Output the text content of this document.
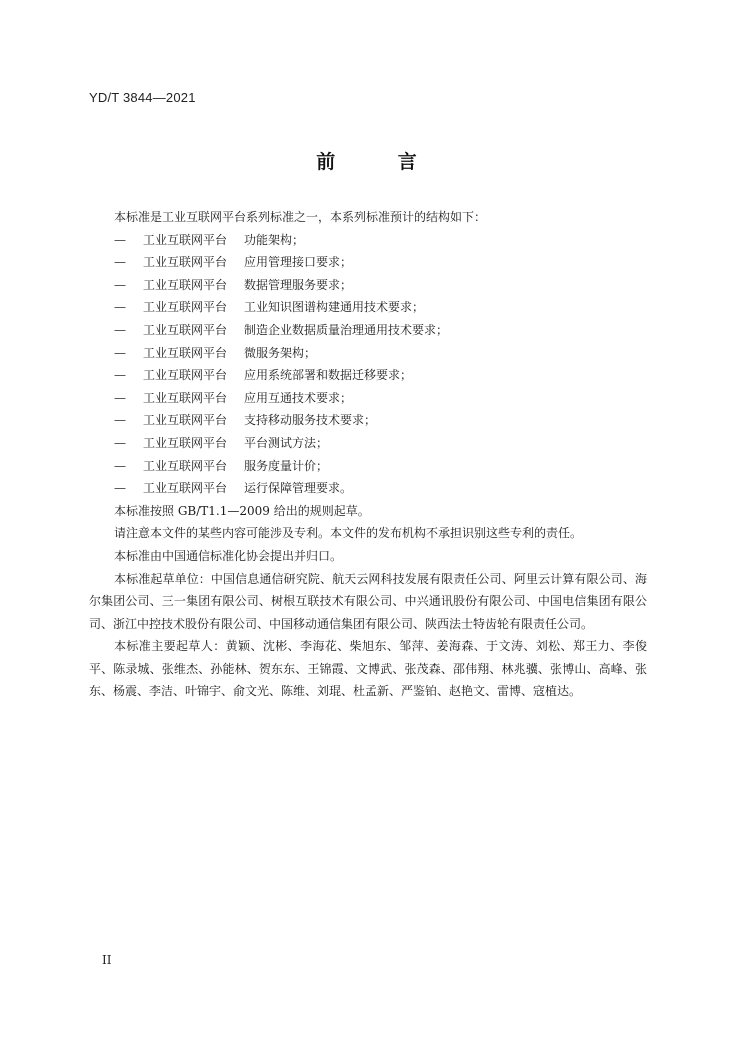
YD/T 3844—2021
前 言

本标准是工业互联网平台系列标准之一，本系列标准预计的结构如下：

—	工业互联网平台	功能架构；
—	工业互联网平台	应用管理接口要求；
—	工业互联网平台	数据管理服务要求；
—	工业互联网平台	工业知识图谱构建通用技术要求；
—	工业互联网平台	制造企业数据质量治理通用技术要求；
—	工业互联网平台	微服务架构；
—	工业互联网平台	应用系统部署和数据迁移要求；
—	工业互联网平台	应用互通技术要求；
—	工业互联网平台	支持移动服务技术要求；
—	工业互联网平台	平台测试方法；
—	工业互联网平台	服务度量计价；
—	工业互联网平台	运行保障管理要求。

本标准按照 GB/T1.1—2009 给出的规则起草。

请注意本文件的某些内容可能涉及专利。本文件的发布机构不承担识别这些专利的责任。

本标准由中国通信标准化协会提出并归口。

本标准起草单位：中国信息通信研究院、航天云网科技发展有限责任公司、阿里云计算有限公司、海尔集团公司、三一集团有限公司、树根互联技术有限公司、中兴通讯股份有限公司、中国电信集团有限公司、浙江中控技术股份有限公司、中国移动通信集团有限公司、陕西法士特齿轮有限责任公司。

本标准主要起草人：黄颖、沈彬、李海花、柴旭东、邹萍、姜海森、于文涛、刘松、郑王力、李俊平、陈录城、张维杰、孙能林、贺东东、王锦霞、文博武、张茂森、邵伟翔、林兆骥、张博山、高峰、张东、杨震、李洁、叶锦宇、俞文光、陈维、刘琨、杜孟新、严鉴铂、赵艳文、雷博、寇植达。

II
